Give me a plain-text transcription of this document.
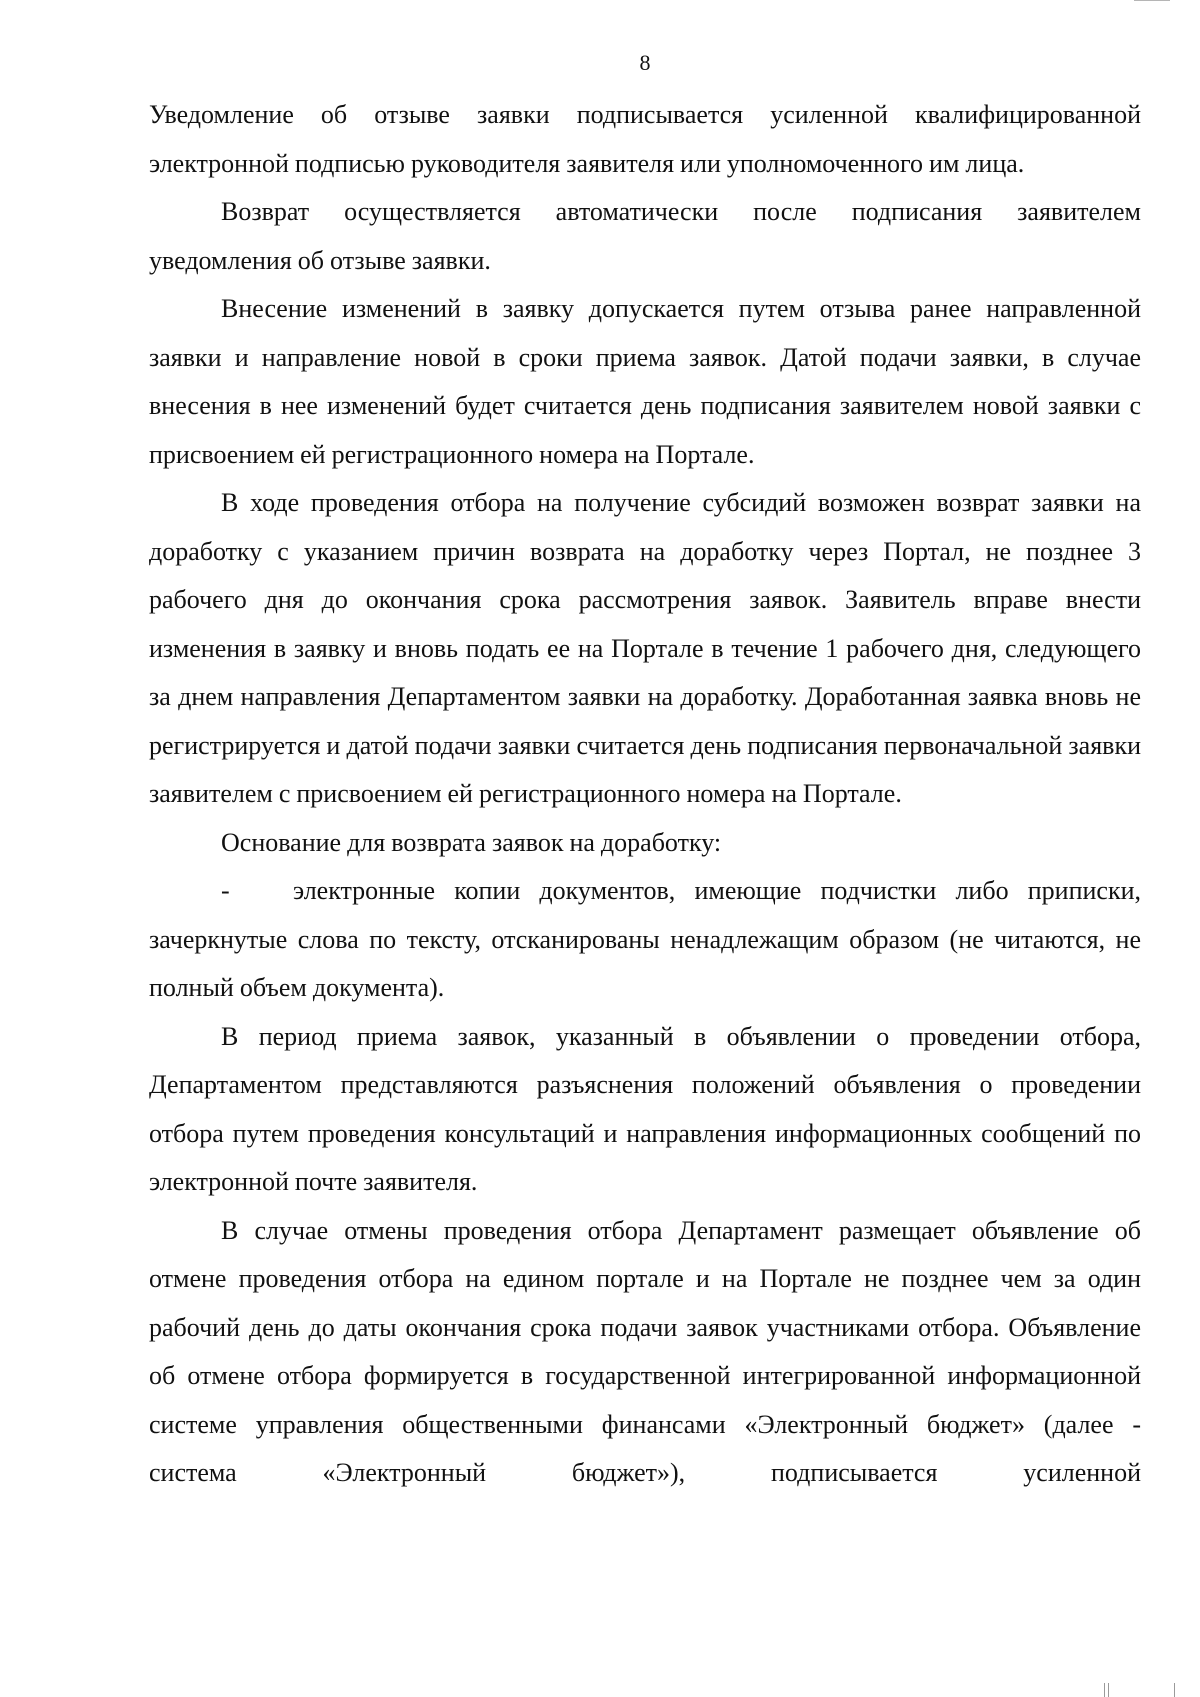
8

Уведомление об отзыве заявки подписывается усиленной квалифицированной электронной подписью руководителя заявителя или уполномоченного им лица.

Возврат осуществляется автоматически после подписания заявителем уведомления об отзыве заявки.

Внесение изменений в заявку допускается путем отзыва ранее направленной заявки и направление новой в сроки приема заявок. Датой подачи заявки, в случае внесения в нее изменений будет считается день подписания заявителем новой заявки с присвоением ей регистрационного номера на Портале.

В ходе проведения отбора на получение субсидий возможен возврат заявки на доработку с указанием причин возврата на доработку через Портал, не позднее 3 рабочего дня до окончания срока рассмотрения заявок. Заявитель вправе внести изменения в заявку и вновь подать ее на Портале в течение 1 рабочего дня, следующего за днем направления Департаментом заявки на доработку. Доработанная заявка вновь не регистрируется и датой подачи заявки считается день подписания первоначальной заявки заявителем с присвоением ей регистрационного номера на Портале.

Основание для возврата заявок на доработку:

- электронные копии документов, имеющие подчистки либо приписки, зачеркнутые слова по тексту, отсканированы ненадлежащим образом (не читаются, не полный объем документа).

В период приема заявок, указанный в объявлении о проведении отбора, Департаментом представляются разъяснения положений объявления о проведении отбора путем проведения консультаций и направления информационных сообщений по электронной почте заявителя.

В случае отмены проведения отбора Департамент размещает объявление об отмене проведения отбора на едином портале и на Портале не позднее чем за один рабочий день до даты окончания срока подачи заявок участниками отбора. Объявление об отмене отбора формируется в государственной интегрированной информационной системе управления общественными финансами «Электронный бюджет» (далее - система «Электронный бюджет»), подписывается усиленной
